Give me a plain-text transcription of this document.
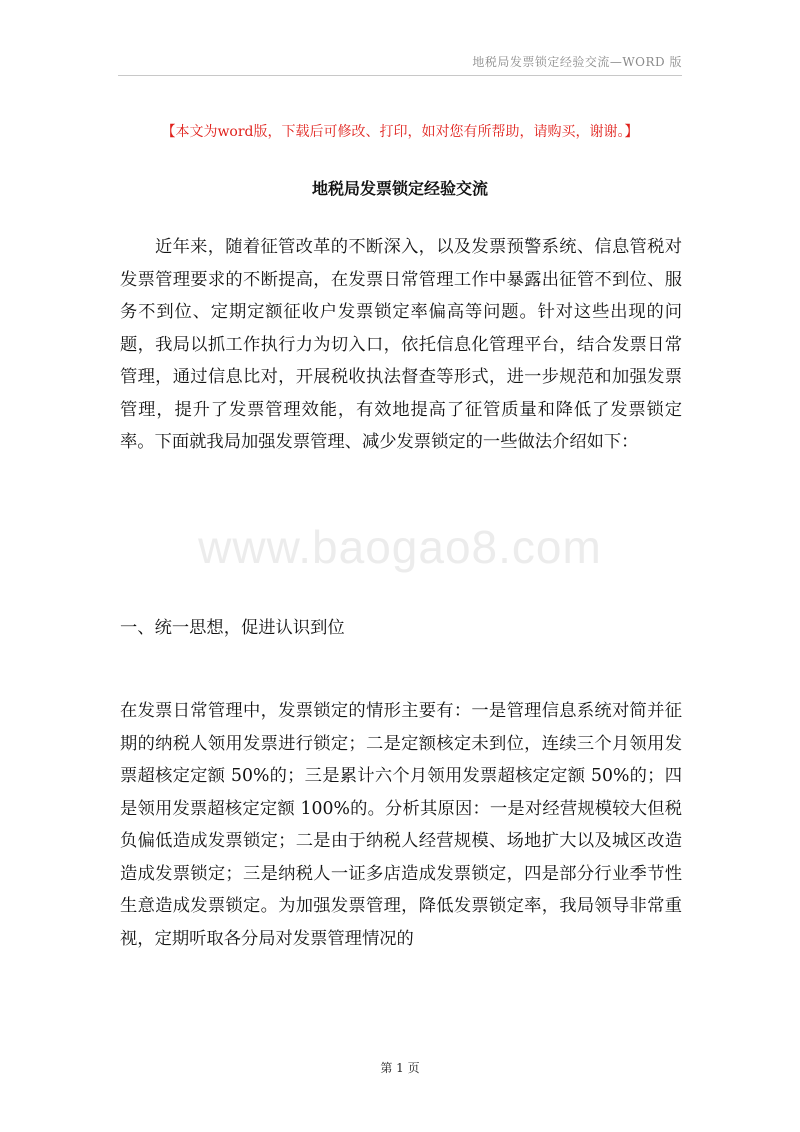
地税局发票锁定经验交流—WORD 版
www.baogao8.com
【本文为word版，下载后可修改、打印，如对您有所帮助，请购买，谢谢。】
地税局发票锁定经验交流

近年来，随着征管改革的不断深入，以及发票预警系统、信息管税对发票管理要求的不断提高，在发票日常管理工作中暴露出征管不到位、服务不到位、定期定额征收户发票锁定率偏高等问题。针对这些出现的问题，我局以抓工作执行力为切入口，依托信息化管理平台，结合发票日常管理，通过信息比对，开展税收执法督查等形式，进一步规范和加强发票管理，提升了发票管理效能，有效地提高了征管质量和降低了发票锁定率。下面就我局加强发票管理、减少发票锁定的一些做法介绍如下：

一、统一思想，促进认识到位

在发票日常管理中，发票锁定的情形主要有：一是管理信息系统对简并征期的纳税人领用发票进行锁定；二是定额核定未到位，连续三个月领用发票超核定定额 50%的；三是累计六个月领用发票超核定定额 50%的；四是领用发票超核定定额 100%的。分析其原因：一是对经营规模较大但税负偏低造成发票锁定；二是由于纳税人经营规模、场地扩大以及城区改造造成发票锁定；三是纳税人一证多店造成发票锁定，四是部分行业季节性生意造成发票锁定。为加强发票管理，降低发票锁定率，我局领导非常重视，定期听取各分局对发票管理情况的

第 1 页
